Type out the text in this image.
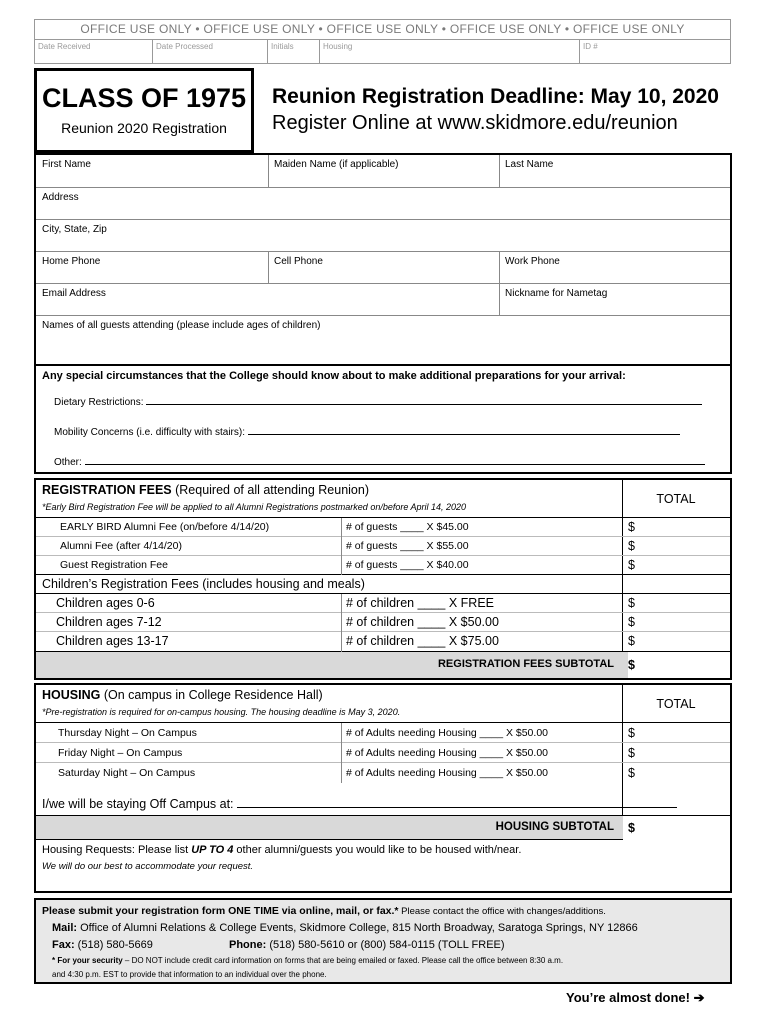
OFFICE USE ONLY • OFFICE USE ONLY • OFFICE USE ONLY • OFFICE USE ONLY • OFFICE USE ONLY
Date Received	Date Processed	Initials	Housing	ID #
CLASS OF 1975
Reunion 2020 Registration
Reunion Registration Deadline: May 10, 2020
Register Online at www.skidmore.edu/reunion
First Name	Maiden Name (if applicable)	Last Name
Address
City, State, Zip
Home Phone	Cell Phone	Work Phone
Email Address	Nickname for Nametag
Names of all guests attending (please include ages of children)
Any special circumstances that the College should know about to make additional preparations for your arrival:
Dietary Restrictions:
Mobility Concerns (i.e. difficulty with stairs):
Other:
REGISTRATION FEES (Required of all attending Reunion)
*Early Bird Registration Fee will be applied to all Alumni Registrations postmarked on/before April 14, 2020
TOTAL
EARLY BIRD Alumni Fee (on/before 4/14/20)	# of guests ____ X $45.00	$
Alumni Fee (after 4/14/20)	# of guests ____ X $55.00	$
Guest Registration Fee	# of guests ____ X $40.00	$
Children’s Registration Fees (includes housing and meals)
Children ages 0-6	# of children ____ X FREE	$
Children ages 7-12	# of children ____ X $50.00	$
Children ages 13-17	# of children ____ X $75.00	$
REGISTRATION FEES SUBTOTAL $
HOUSING (On campus in College Residence Hall)
*Pre-registration is required for on-campus housing. The housing deadline is May 3, 2020.
TOTAL
Thursday Night – On Campus	# of Adults needing Housing ____ X $50.00	$
Friday Night – On Campus	# of Adults needing Housing ____ X $50.00	$
Saturday Night – On Campus	# of Adults needing Housing ____ X $50.00	$
I/we will be staying Off Campus at:
HOUSING SUBTOTAL	$
Housing Requests: Please list UP TO 4 other alumni/guests you would like to be housed with/near.
We will do our best to accommodate your request.
Please submit your registration form ONE TIME via online, mail, or fax.* Please contact the office with changes/additions.
Mail: Office of Alumni Relations & College Events, Skidmore College, 815 North Broadway, Saratoga Springs, NY 12866
Fax: (518) 580-5669	Phone: (518) 580-5610 or (800) 584-0115 (TOLL FREE)
* For your security – DO NOT include credit card information on forms that are being emailed or faxed. Please call the office between 8:30 a.m.
and 4:30 p.m. EST to provide that information to an individual over the phone.
You’re almost done! ➔
